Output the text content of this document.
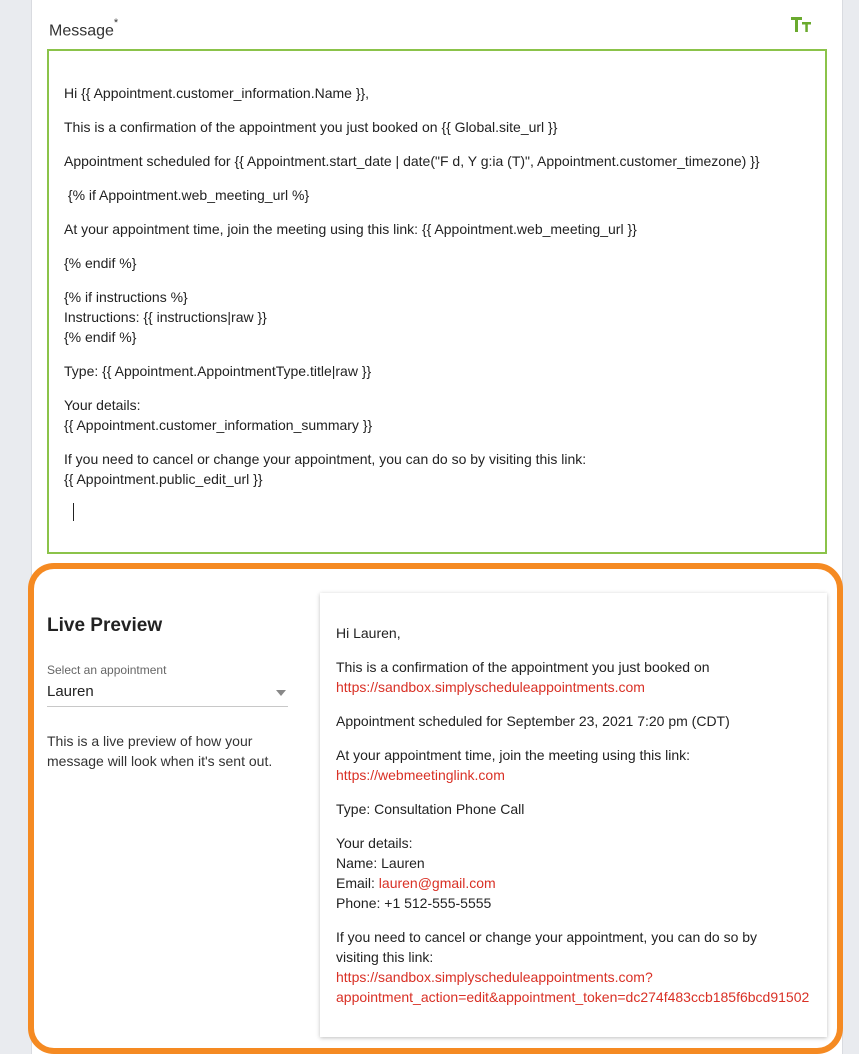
Message*

Hi {{ Appointment.customer_information.Name }},

This is a confirmation of the appointment you just booked on {{ Global.site_url }}

Appointment scheduled for {{ Appointment.start_date | date("F d, Y g:ia (T)", Appointment.customer_timezone) }}

{% if Appointment.web_meeting_url %}

At your appointment time, join the meeting using this link: {{ Appointment.web_meeting_url }}

{% endif %}

{% if instructions %}
Instructions: {{ instructions|raw }}
{% endif %}

Type: {{ Appointment.AppointmentType.title|raw }}

Your details:
{{ Appointment.customer_information_summary }}

If you need to cancel or change your appointment, you can do so by visiting this link:
{{ Appointment.public_edit_url }}

Live Preview
Select an appointment
Lauren
This is a live preview of how your message will look when it's sent out.

Hi Lauren,

This is a confirmation of the appointment you just booked on
https://sandbox.simplyscheduleappointments.com

Appointment scheduled for September 23, 2021 7:20 pm (CDT)

At your appointment time, join the meeting using this link:
https://webmeetinglink.com

Type: Consultation Phone Call

Your details:
Name: Lauren
Email: lauren@gmail.com
Phone: +1 512-555-5555

If you need to cancel or change your appointment, you can do so by
visiting this link:
https://sandbox.simplyscheduleappointments.com?
appointment_action=edit&appointment_token=dc274f483ccb185f6bcd91502
